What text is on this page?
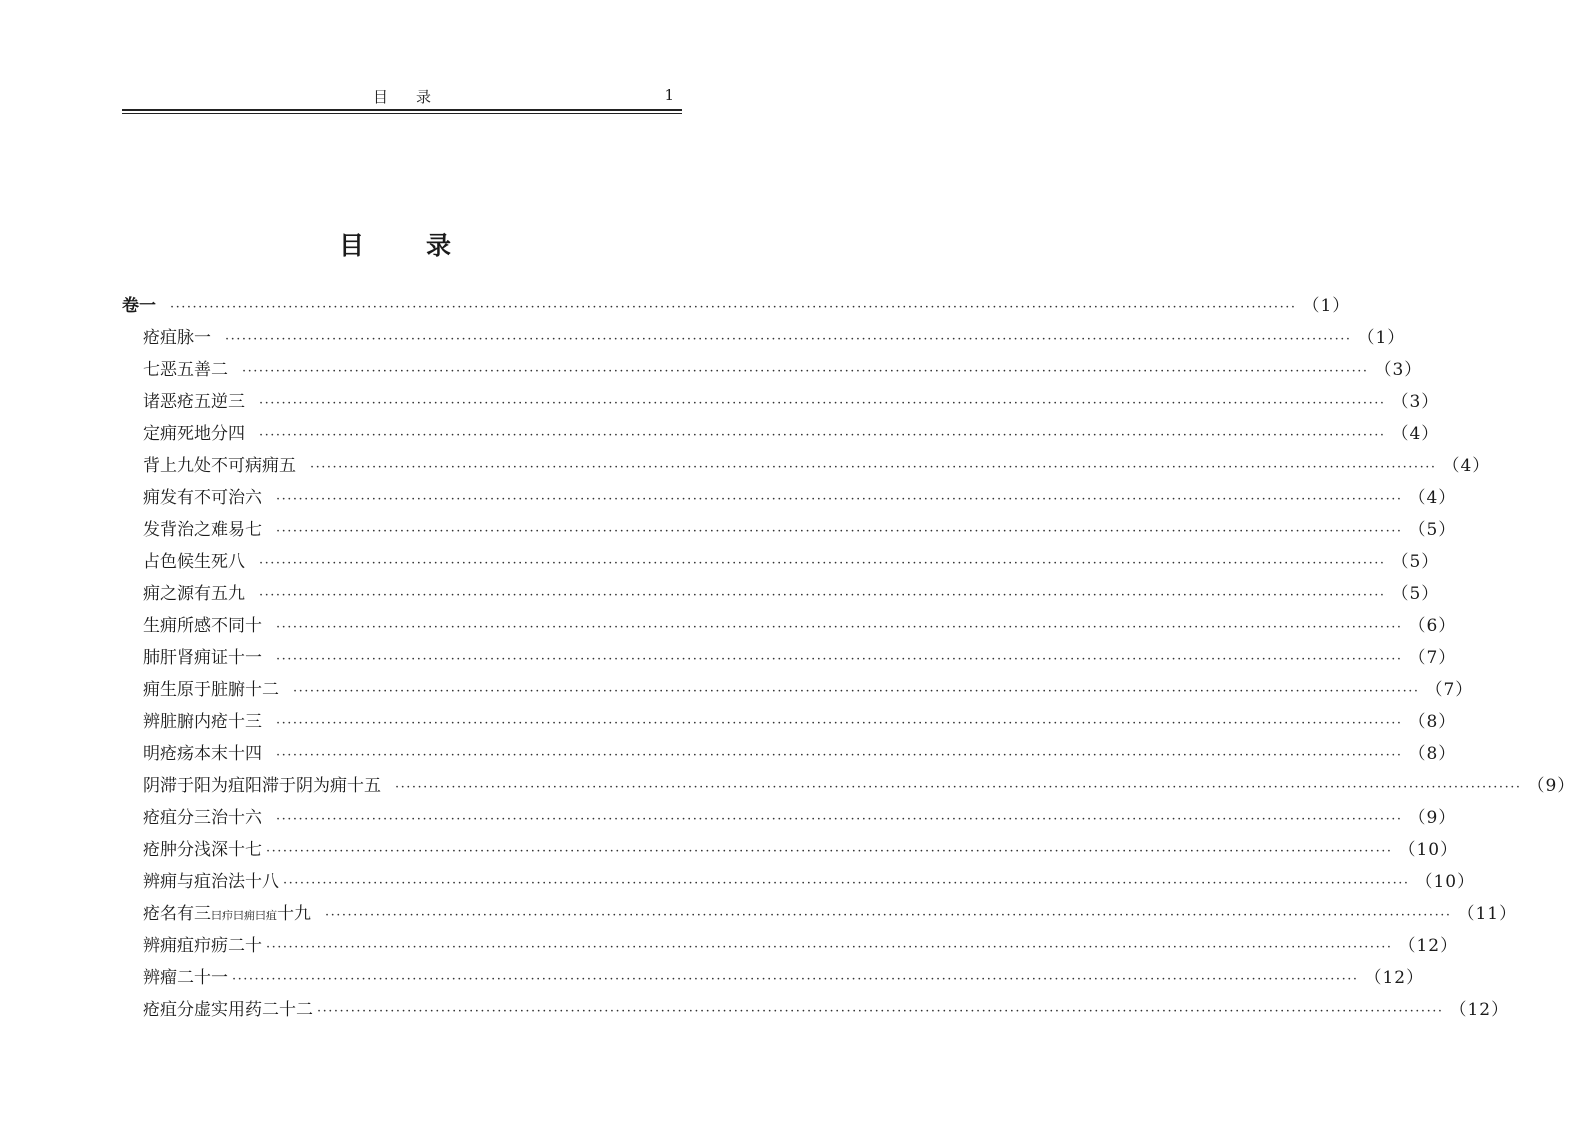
目录	1
目录
卷一 ········································································································································································································ （1）
疮疽脉一 ········································································································································································································ （1）
七恶五善二 ········································································································································································································ （3）
诸恶疮五逆三 ········································································································································································································ （3）
定痈死地分四 ········································································································································································································ （4）
背上九处不可病痈五 ········································································································································································································ （4）
痈发有不可治六 ········································································································································································································ （4）
发背治之难易七 ········································································································································································································ （5）
占色候生死八 ········································································································································································································ （5）
痈之源有五九 ········································································································································································································ （5）
生痈所感不同十 ········································································································································································································ （6）
肺肝肾痈证十一 ········································································································································································································ （7）
痈生原于脏腑十二 ········································································································································································································ （7）
辨脏腑内疮十三 ········································································································································································································ （8）
明疮疡本末十四 ········································································································································································································ （8）
阴滞于阳为疽阳滞于阴为痈十五 ········································································································································································································ （9）
疮疽分三治十六 ········································································································································································································ （9）
疮肿分浅深十七 ········································································································································································································ （10）
辨痈与疽治法十八 ········································································································································································································ （10）
疮名有三曰疖曰痈曰疽十九 ········································································································································································································ （11）
辨痈疽疖疬二十 ········································································································································································································ （12）
辨瘤二十一 ········································································································································································································ （12）
疮疽分虚实用药二十二 ········································································································································································································ （12）
